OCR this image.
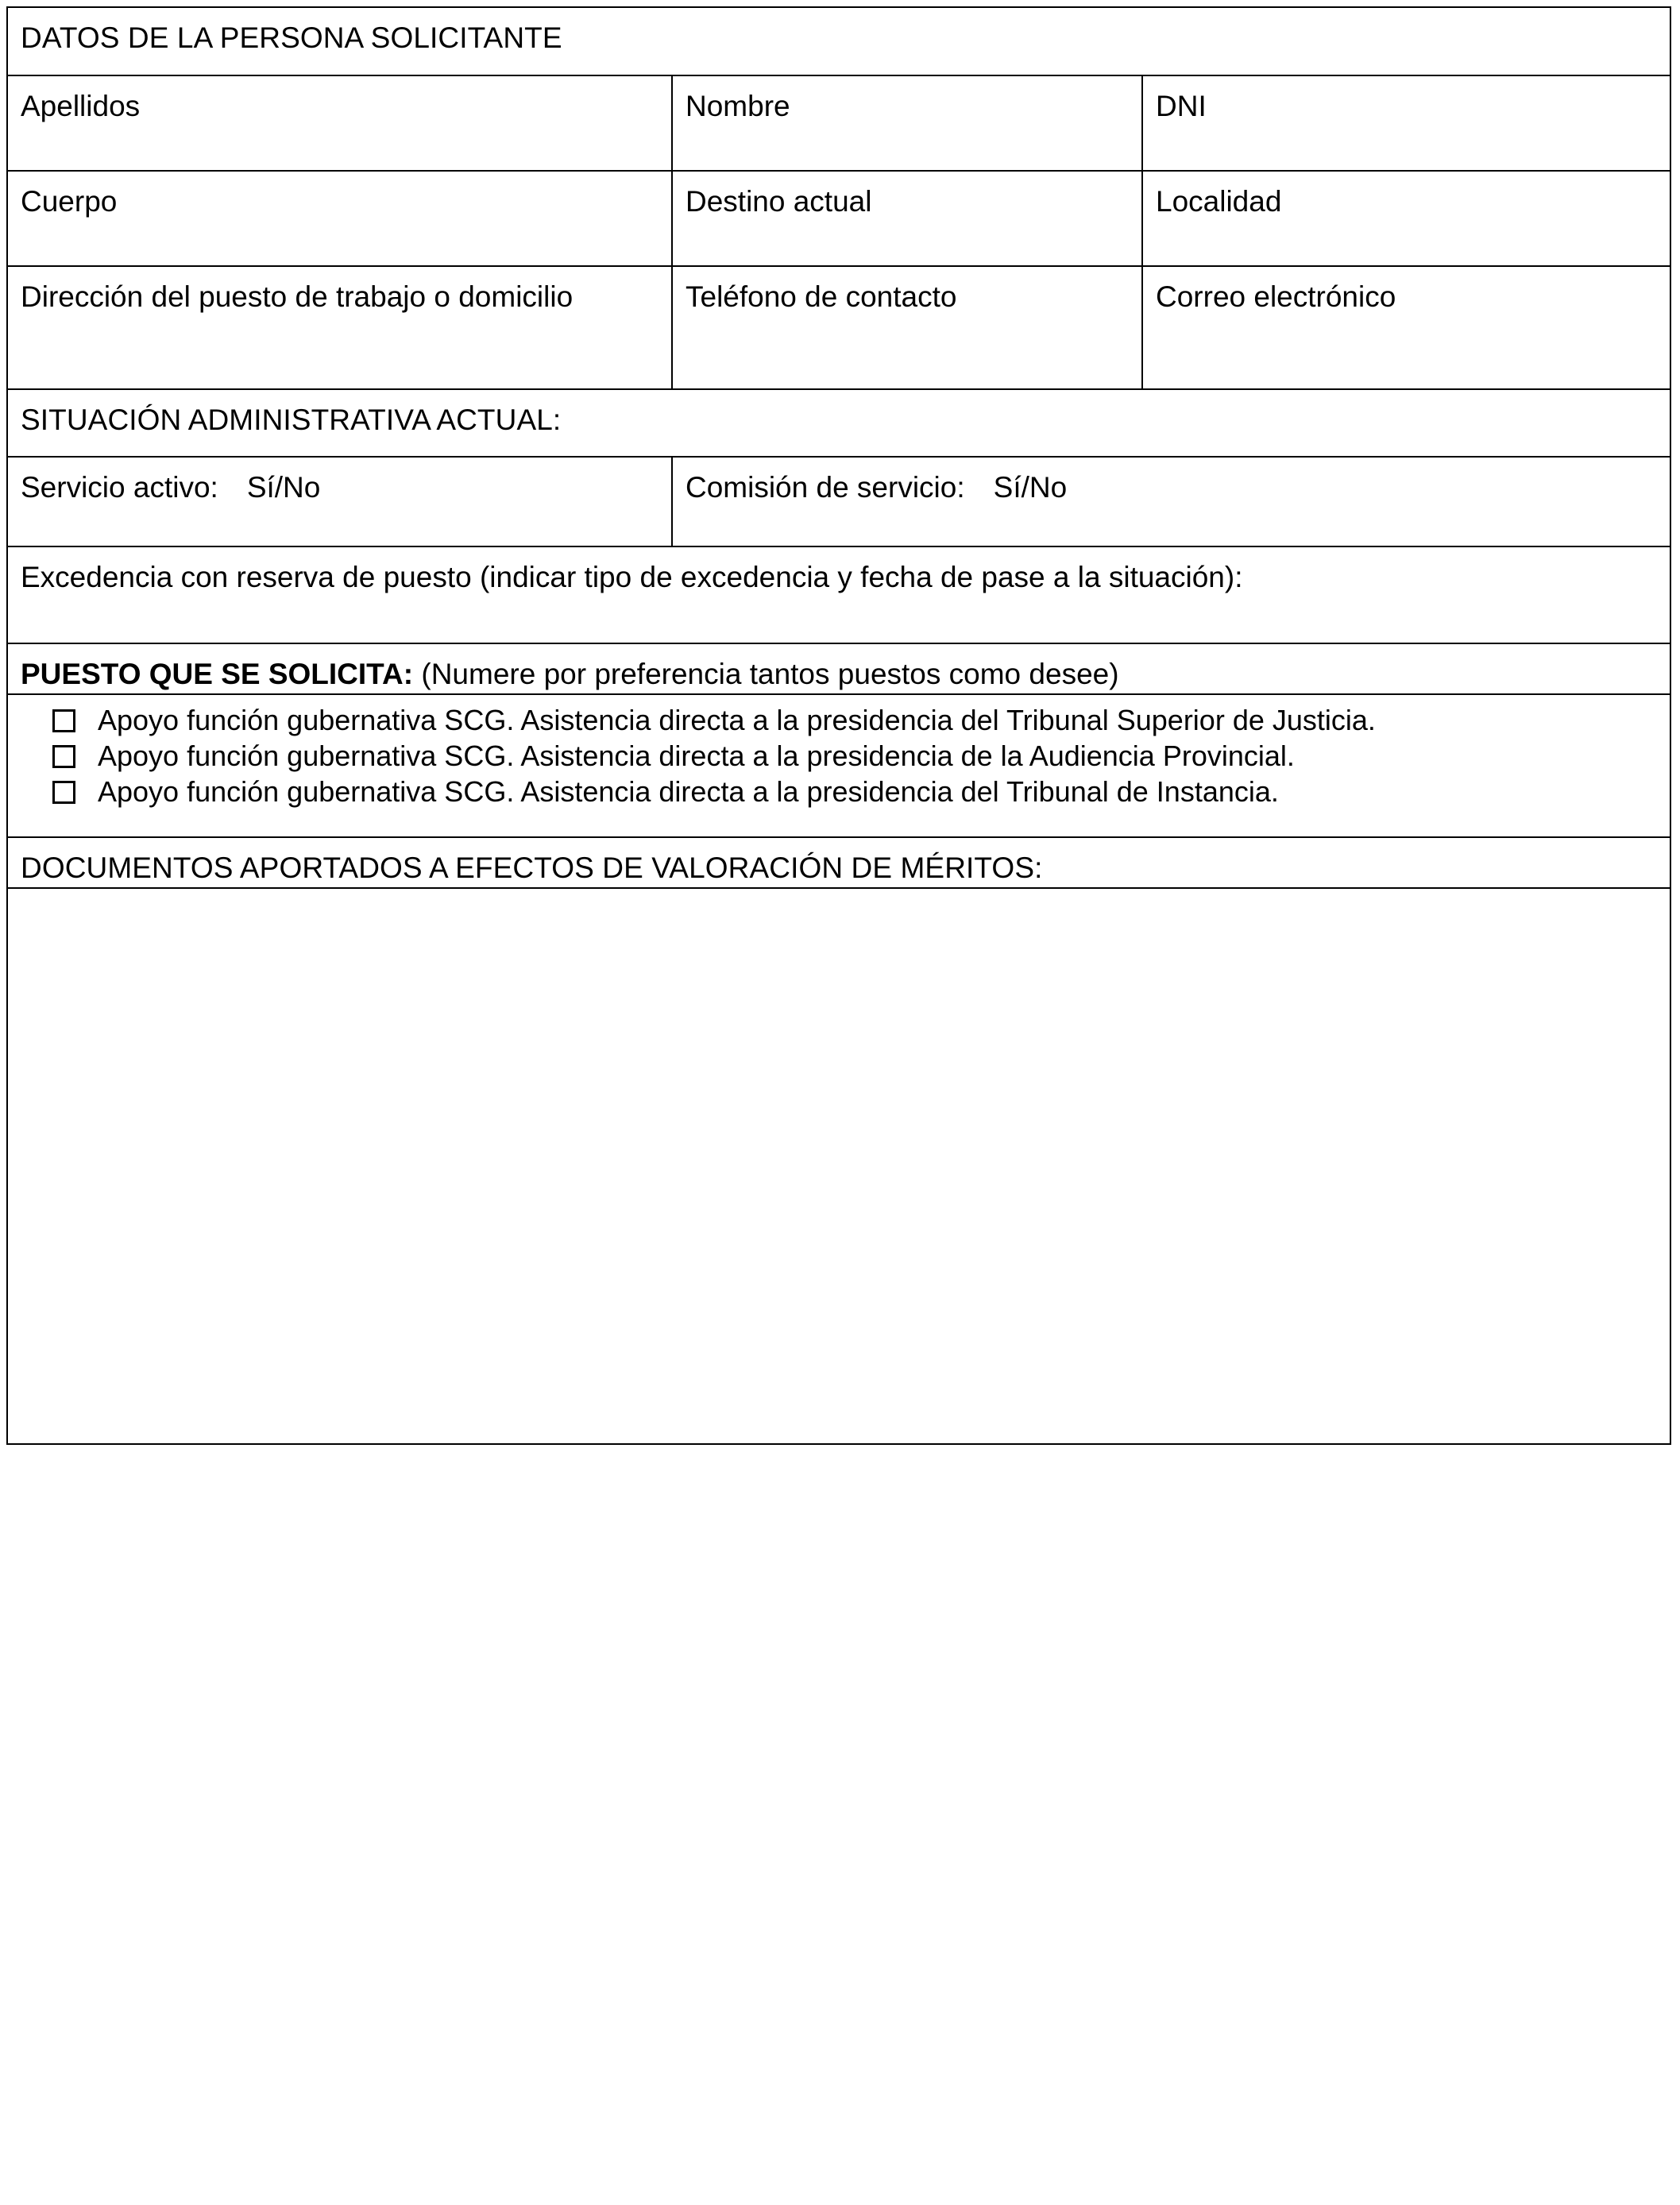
DATOS DE LA PERSONA SOLICITANTE		

Apellidos	Nombre	DNI

Cuerpo	Destino actual	Localidad

Dirección del puesto de trabajo o domicilio	Teléfono de contacto	Correo electrónico

SITUACIÓN ADMINISTRATIVA ACTUAL:		
Servicio activo: Sí/No	Comisión de servicio: Sí/No	

Excedencia con reserva de puesto (indicar tipo de excedencia y fecha de pase a la situación):		

PUESTO QUE SE SOLICITA: (Numere por preferencia tantos puestos como desee)		

Apoyo función gubernativa SCG. Asistencia directa a la presidencia del Tribunal Superior de Justicia.
Apoyo función gubernativa SCG. Asistencia directa a la presidencia de la Audiencia Provincial.
Apoyo función gubernativa SCG. Asistencia directa a la presidencia del Tribunal de Instancia.

DOCUMENTOS APORTADOS A EFECTOS DE VALORACIÓN DE MÉRITOS:		
